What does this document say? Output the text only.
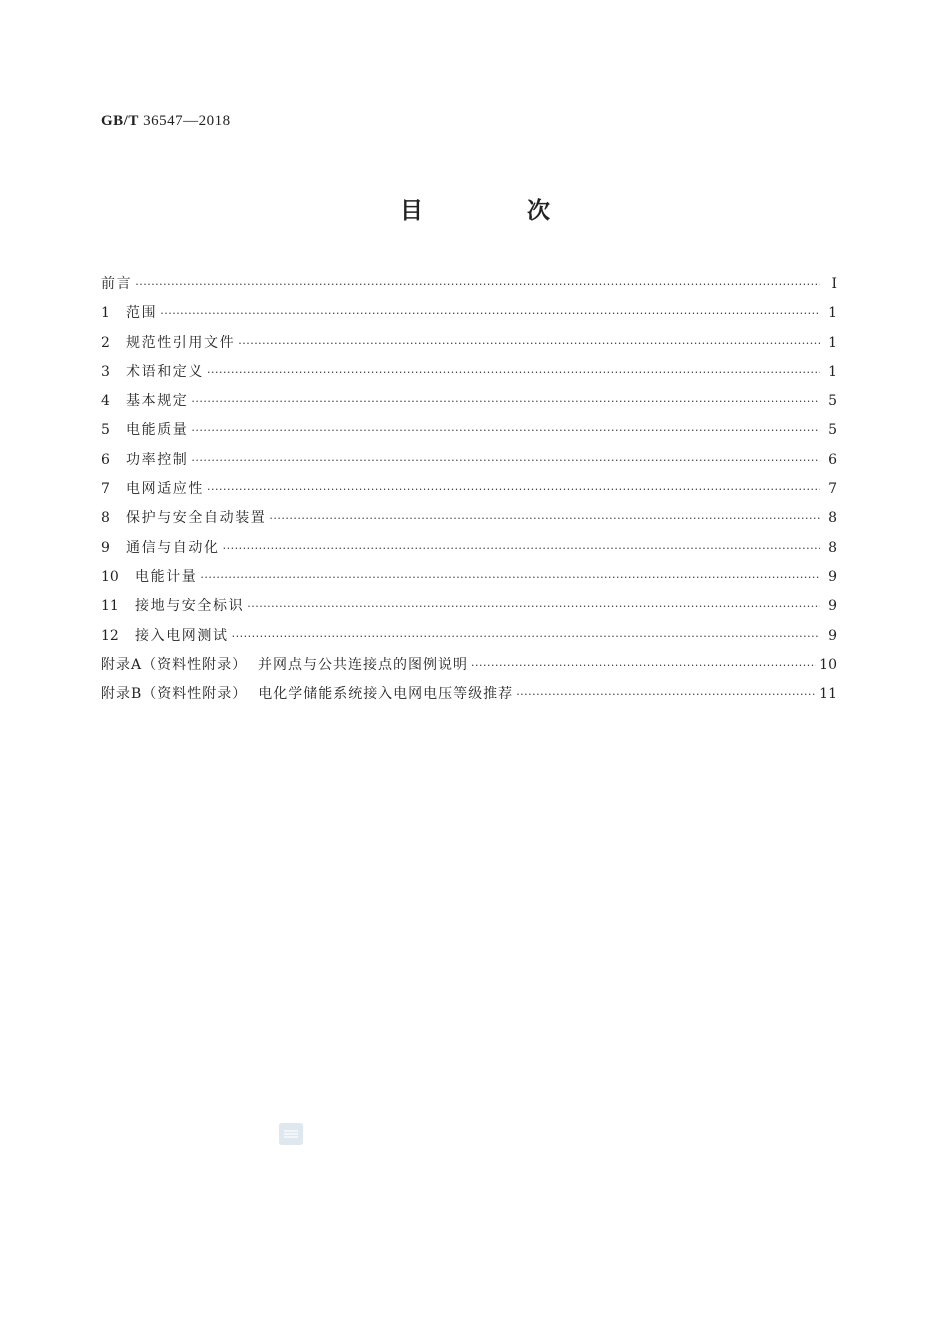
GB/T 36547—2018
目 次
前言 ·····	Ⅰ
1	范围 ·····	1
2	规范性引用文件 ·····	1
3	术语和定义 ·····	1
4	基本规定 ·····	5
5	电能质量 ·····	5
6	功率控制 ·····	6
7	电网适应性 ·····	7
8	保护与安全自动装置 ·····	8
9	通信与自动化 ·····	8
10	电能计量 ·····	9
11	接地与安全标识 ·····	9
12	接入电网测试 ·····	9
附录A（资料性附录）  并网点与公共连接点的图例说明 ·····	10
附录B（资料性附录）  电化学储能系统接入电网电压等级推荐 ·····	11
